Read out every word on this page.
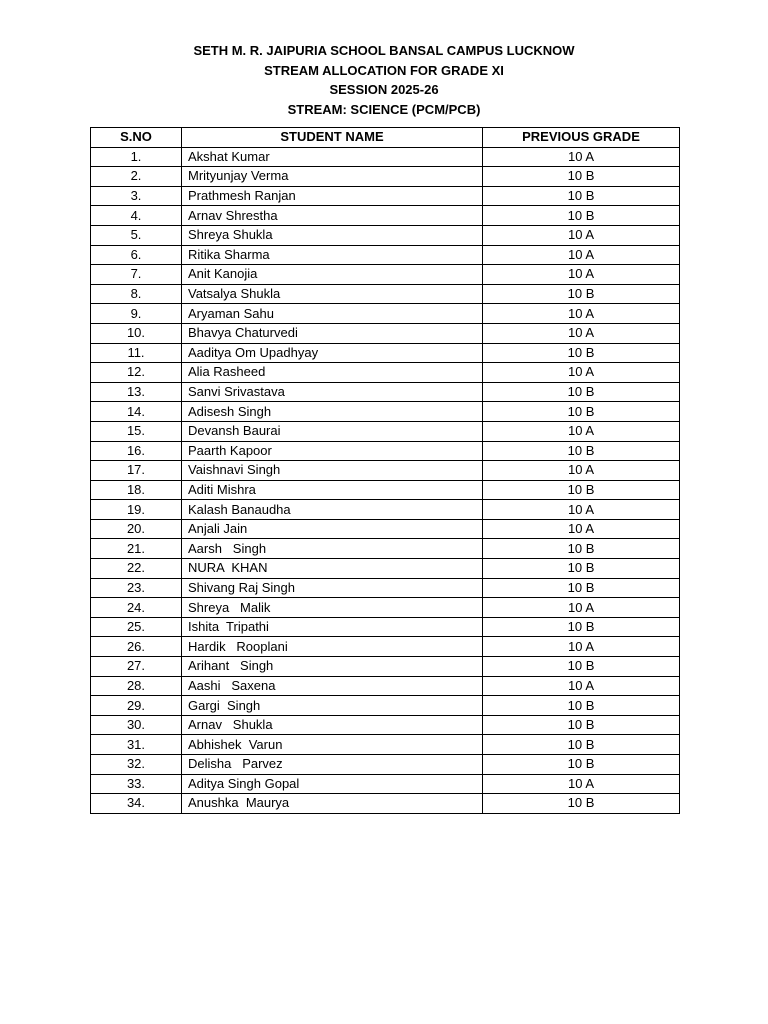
SETH M. R. JAIPURIA SCHOOL BANSAL CAMPUS LUCKNOW
STREAM ALLOCATION FOR GRADE XI
SESSION 2025-26
STREAM: SCIENCE (PCM/PCB)
S.NO	STUDENT NAME	PREVIOUS GRADE
1.	Akshat Kumar	10 A
2.	Mrityunjay Verma	10 B
3.	Prathmesh Ranjan	10 B
4.	Arnav Shrestha	10 B
5.	Shreya Shukla	10 A
6.	Ritika Sharma	10 A
7.	Anit Kanojia	10 A
8.	Vatsalya Shukla	10 B
9.	Aryaman Sahu	10 A
10.	Bhavya Chaturvedi	10 A
11.	Aaditya Om Upadhyay	10 B
12.	Alia Rasheed	10 A
13.	Sanvi Srivastava	10 B
14.	Adisesh Singh	10 B
15.	Devansh Baurai	10 A
16.	Paarth Kapoor	10 B
17.	Vaishnavi Singh	10 A
18.	Aditi Mishra	10 B
19.	Kalash Banaudha	10 A
20.	Anjali Jain	10 A
21.	Aarsh   Singh	10 B
22.	NURA  KHAN	10 B
23.	Shivang Raj Singh	10 B
24.	Shreya   Malik	10 A
25.	Ishita  Tripathi	10 B
26.	Hardik   Rooplani	10 A
27.	Arihant   Singh	10 B
28.	Aashi   Saxena	10 A
29.	Gargi  Singh	10 B
30.	Arnav   Shukla	10 B
31.	Abhishek  Varun	10 B
32.	Delisha   Parvez	10 B
33.	Aditya Singh Gopal	10 A
34.	Anushka  Maurya	10 B
